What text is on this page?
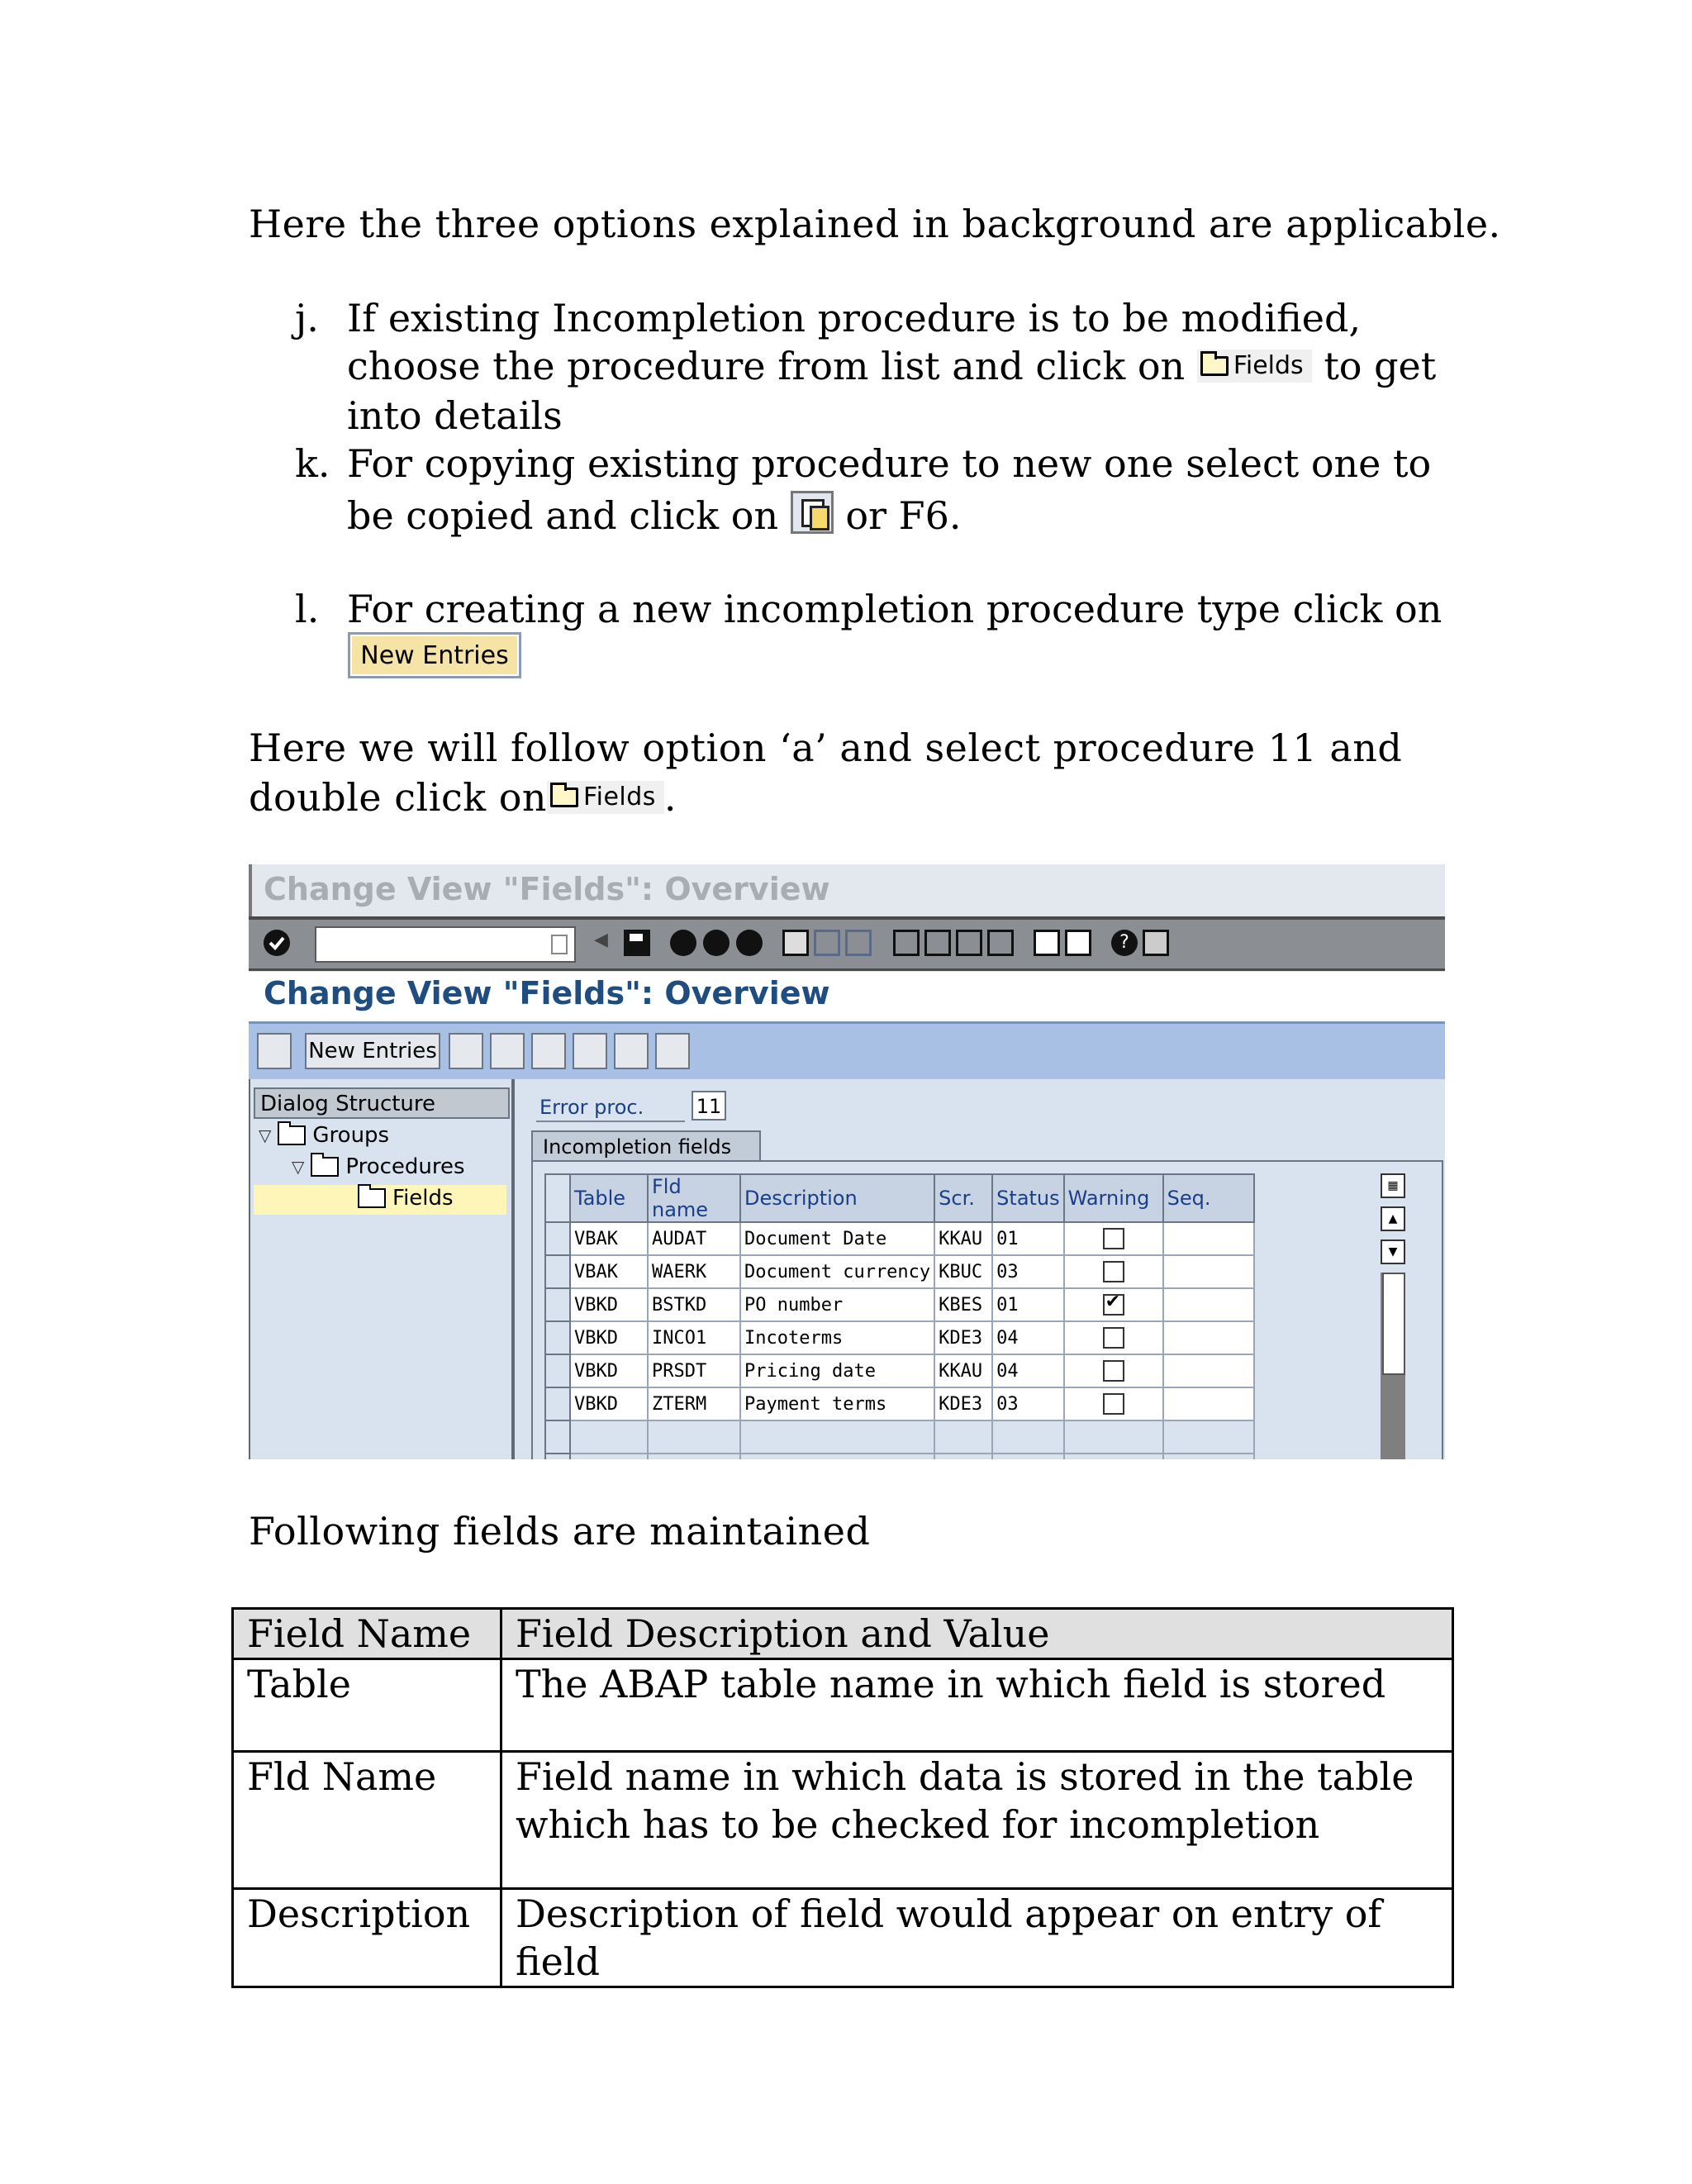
Here the three options explained in background are applicable.
j. If existing Incompletion procedure is to be modified,
choose the procedure from list and click on Fields to get
into details
k. For copying existing procedure to new one select one to
be copied and click on or F6.
l. For creating a new incompletion procedure type click on
New Entries
Here we will follow option ‘a’ and select procedure 11 and
double click on Fields .
Change View "Fields": Overview
◀	?
Change View "Fields": Overview
New Entries
Dialog Structure
▽ Groups
▽ Procedures
Fields
Error proc.	11
Incompletion fields
	Table	Fld name	Description	Scr.	Status	Warning	Seq.
	VBAK	AUDAT	Document Date	KKAU	01		
	VBAK	WAERK	Document currency	KBUC	03		
	VBKD	BSTKD	PO number	KBES	01	✔	
	VBKD	INCO1	Incoterms	KDE3	04		
	VBKD	PRSDT	Pricing date	KKAU	04		
	VBKD	ZTERM	Payment terms	KDE3	03		

▦
▲
▼
Following fields are maintained
Field Name	Field Description and Value
Table	The ABAP table name in which field is stored

Fld Name	Field name in which data is stored in the table
which has to be checked for incompletion

Description	Description of field would appear on entry of
field
